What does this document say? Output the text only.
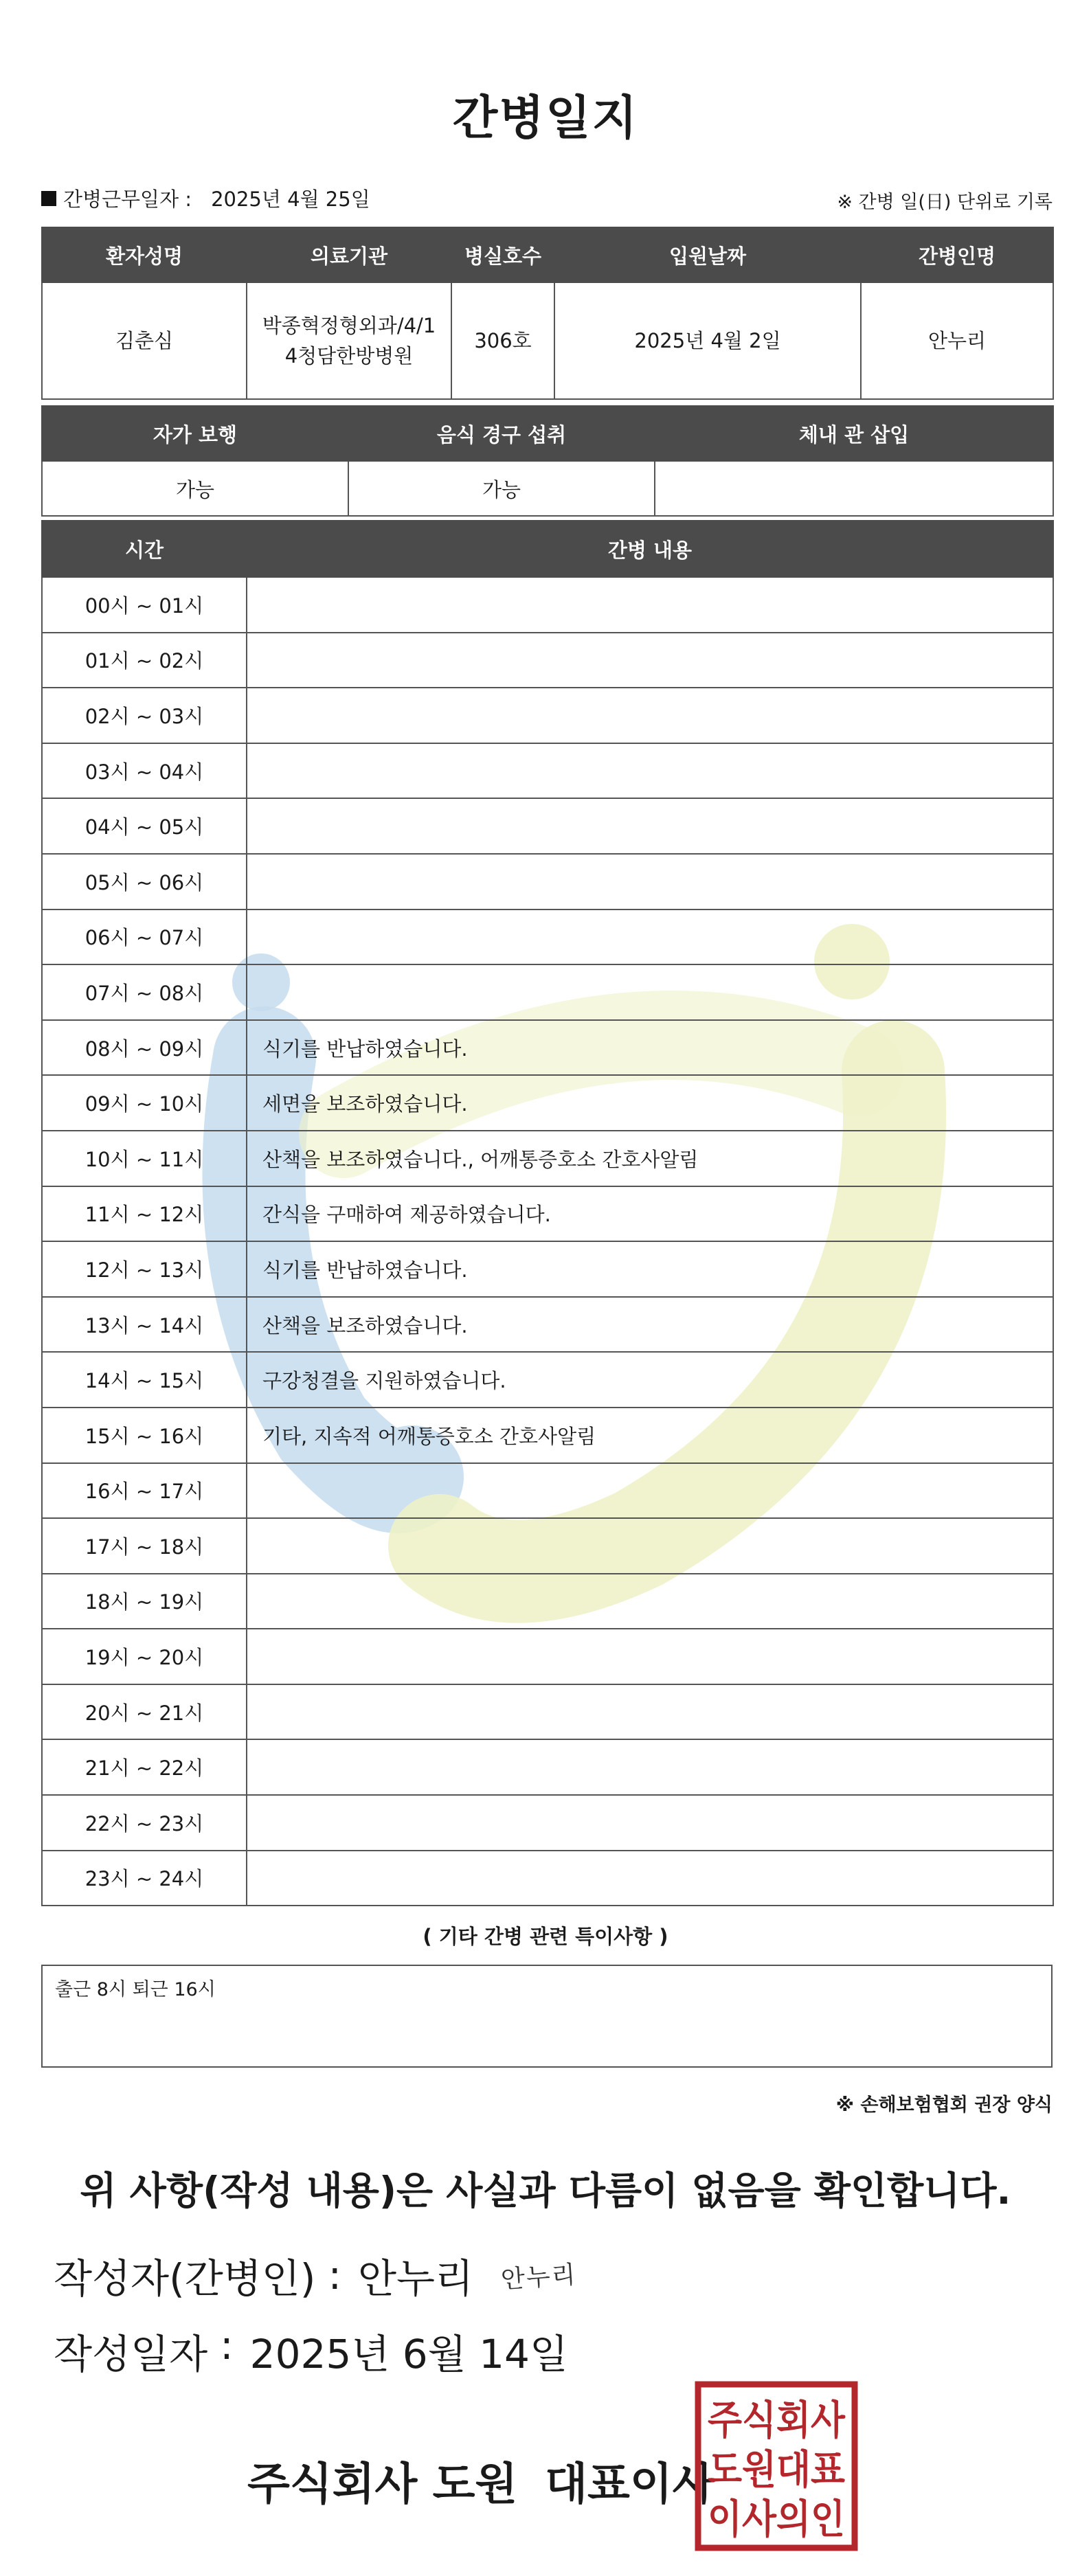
간병일지
간병근무일자 : 2025년 4월 25일	※ 간병 일(日) 단위로 기록
환자성명	의료기관	병실호수	입원날짜	간병인명
김춘심	박종혁정형외과/4/14청담한방병원	306호	2025년 4월 2일	안누리
자가 보행	음식 경구 섭취	체내 관 삽입
가능	가능	
시간	간병 내용
00시 ~ 01시	
01시 ~ 02시	
02시 ~ 03시	
03시 ~ 04시	
04시 ~ 05시	
05시 ~ 06시	
06시 ~ 07시	
07시 ~ 08시	
08시 ~ 09시	식기를 반납하였습니다.
09시 ~ 10시	세면을 보조하였습니다.
10시 ~ 11시	산책을 보조하였습니다., 어깨통증호소 간호사알림
11시 ~ 12시	간식을 구매하여 제공하였습니다.
12시 ~ 13시	식기를 반납하였습니다.
13시 ~ 14시	산책을 보조하였습니다.
14시 ~ 15시	구강청결을 지원하였습니다.
15시 ~ 16시	기타, 지속적 어깨통증호소 간호사알림
16시 ~ 17시	
17시 ~ 18시	
18시 ~ 19시	
19시 ~ 20시	
20시 ~ 21시	
21시 ~ 22시	
22시 ~ 23시	
23시 ~ 24시	
( 기타 간병 관련 특이사항 )
출근 8시 퇴근 16시
※ 손해보험협회 권장 양식
위 사항(작성 내용)은 사실과 다름이 없음을 확인합니다.
작성자(간병인) : 안누리 안누리
작성일자 : 2025년 6월 14일
주식회사 도원 대표이사
주식회사
도원대표
이사의인
